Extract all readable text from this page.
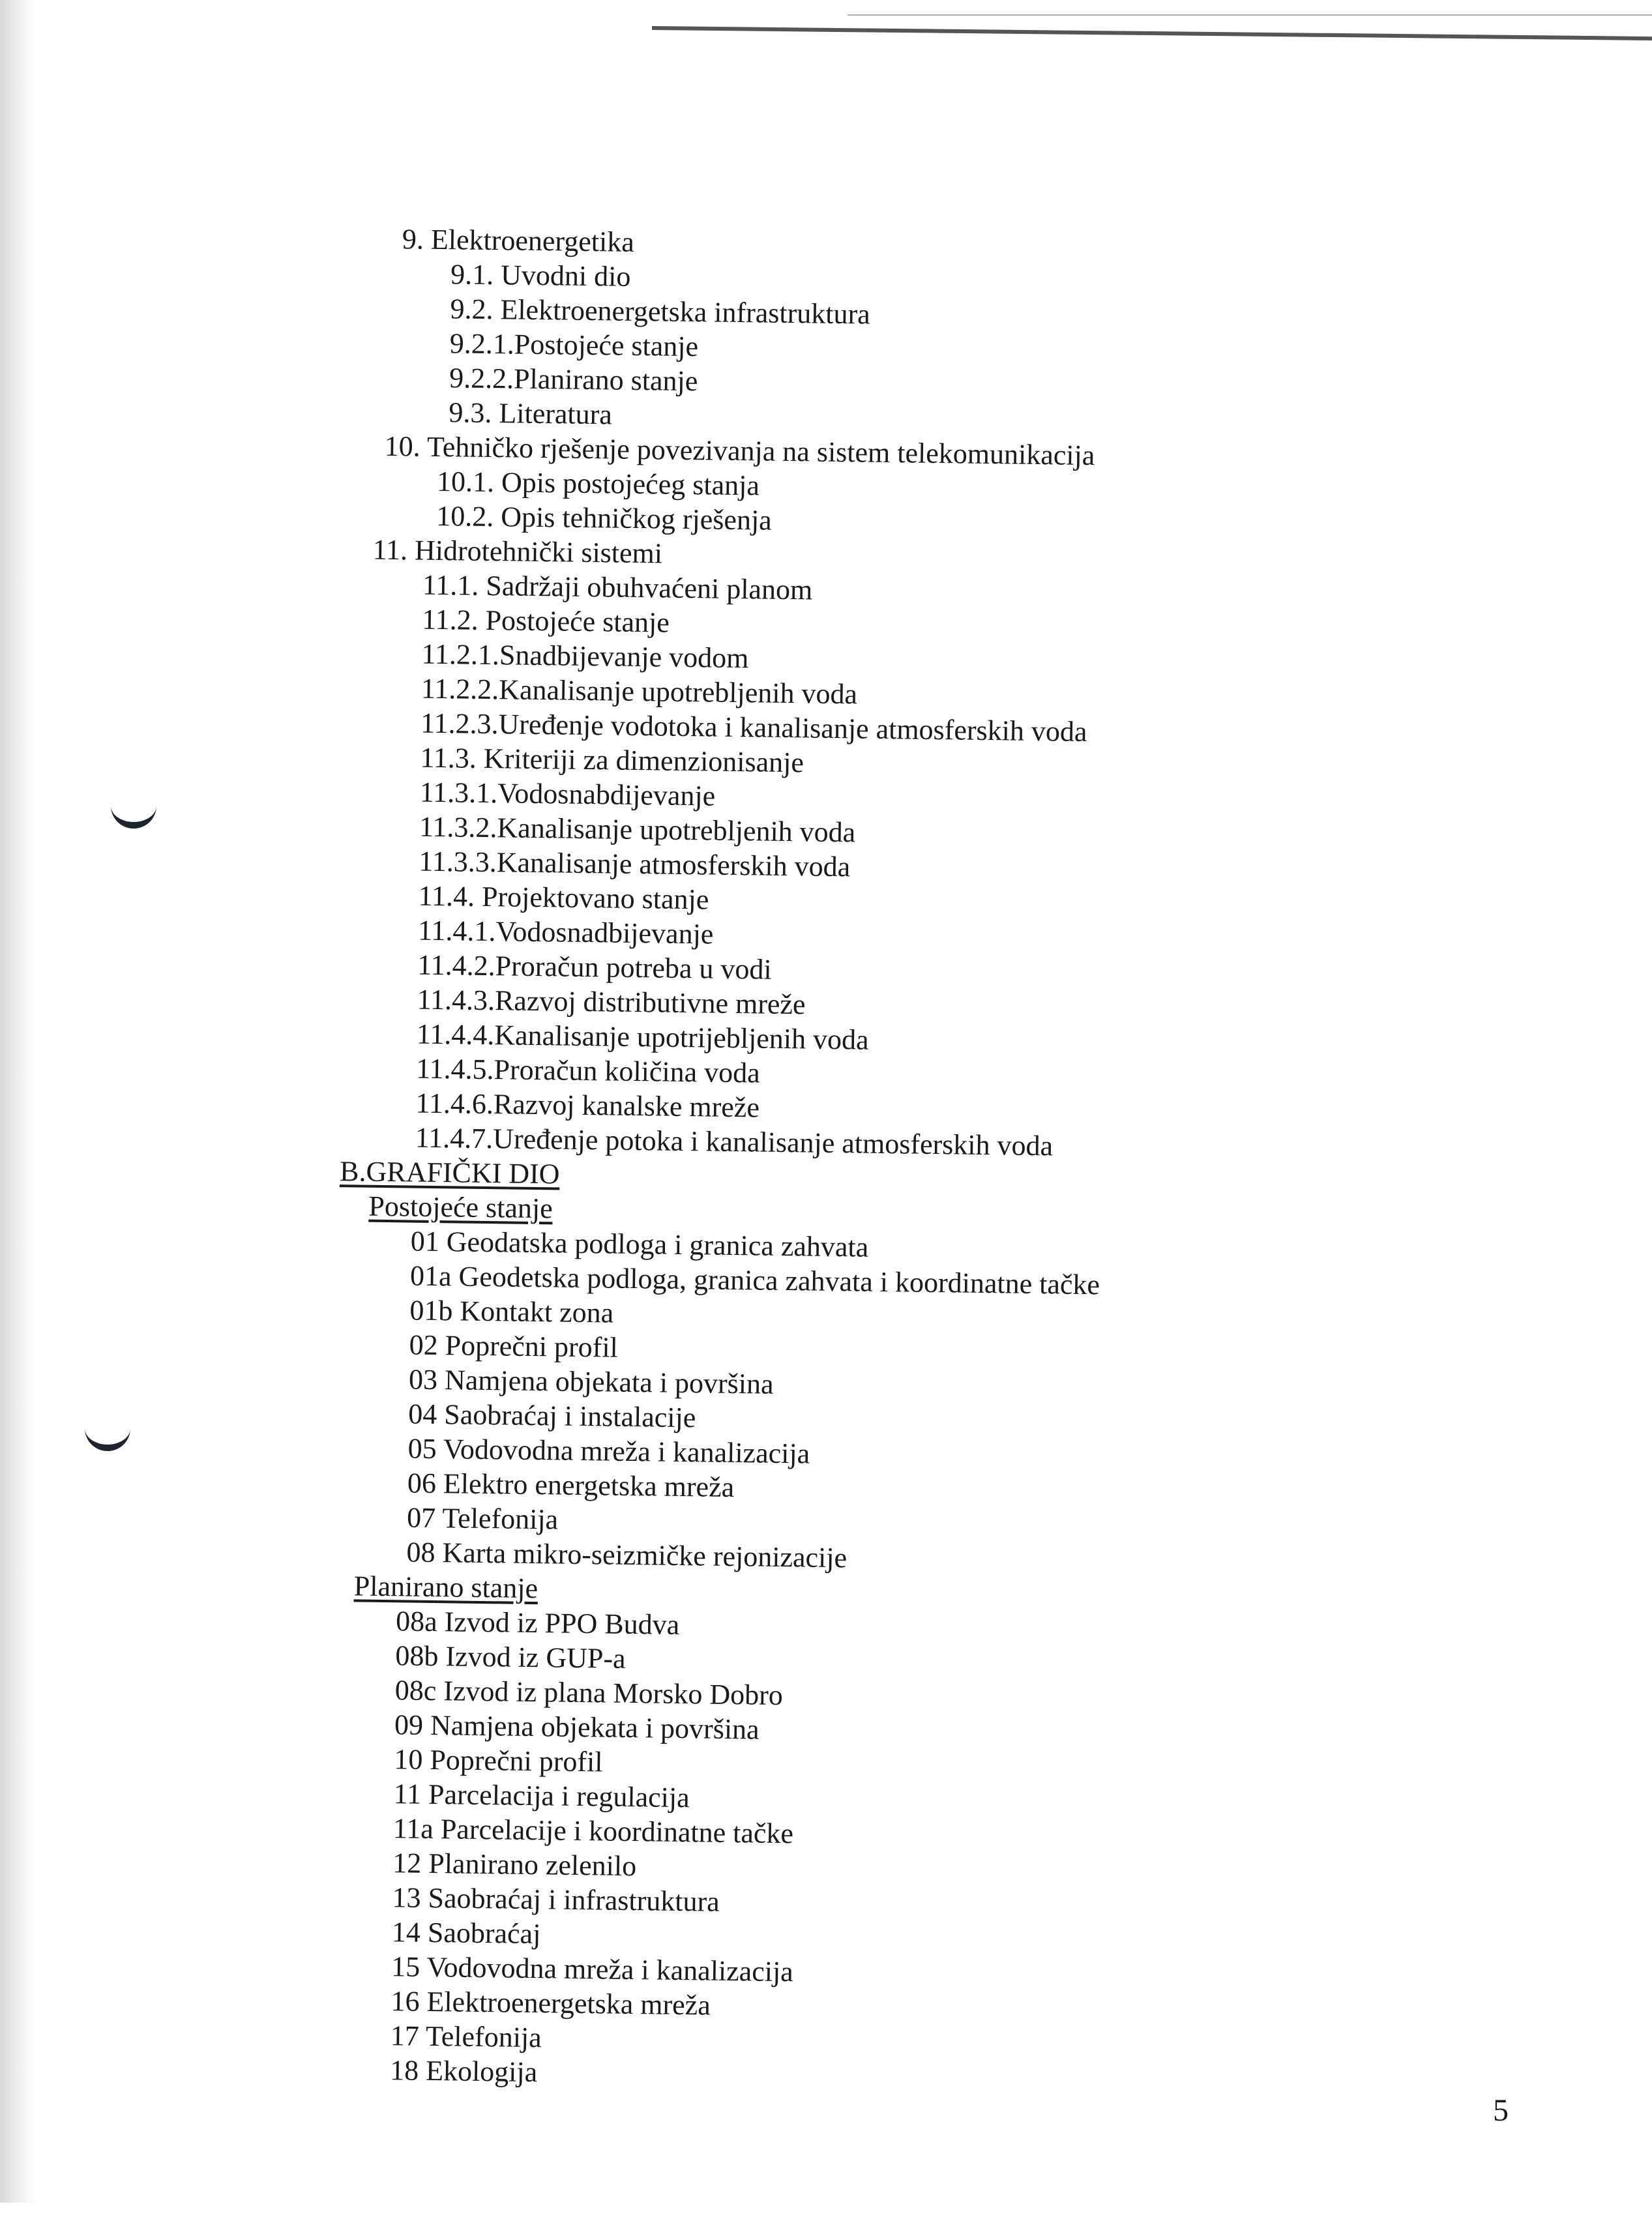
9. Elektroenergetika
9.1. Uvodni dio
9.2. Elektroenergetska infrastruktura
9.2.1.Postojeće stanje
9.2.2.Planirano stanje
9.3. Literatura
10. Tehničko rješenje povezivanja na sistem telekomunikacija
10.1. Opis postojećeg stanja
10.2. Opis tehničkog rješenja
11. Hidrotehnički sistemi
11.1. Sadržaji obuhvaćeni planom
11.2. Postojeće stanje
11.2.1.Snadbijevanje vodom
11.2.2.Kanalisanje upotrebljenih voda
11.2.3.Uređenje vodotoka i kanalisanje atmosferskih voda
11.3. Kriteriji za dimenzionisanje
11.3.1.Vodosnabdijevanje
11.3.2.Kanalisanje upotrebljenih voda
11.3.3.Kanalisanje atmosferskih voda
11.4. Projektovano stanje
11.4.1.Vodosnadbijevanje
11.4.2.Proračun potreba u vodi
11.4.3.Razvoj distributivne mreže
11.4.4.Kanalisanje upotrijebljenih voda
11.4.5.Proračun količina voda
11.4.6.Razvoj kanalske mreže
11.4.7.Uređenje potoka i kanalisanje atmosferskih voda
B.GRAFIČKI DIO
Postojeće stanje
01 Geodatska podloga i granica zahvata
01a Geodetska podloga, granica zahvata i koordinatne tačke
01b Kontakt zona
02 Poprečni profil
03 Namjena objekata i površina
04 Saobraćaj i instalacije
05 Vodovodna mreža i kanalizacija
06 Elektro energetska mreža
07 Telefonija
08 Karta mikro-seizmičke rejonizacije
Planirano stanje
08a Izvod iz PPO Budva
08b Izvod iz GUP-a
08c Izvod iz plana Morsko Dobro
09 Namjena objekata i površina
10 Poprečni profil
11 Parcelacija i regulacija
11a Parcelacije i koordinatne tačke
12 Planirano zelenilo
13 Saobraćaj i infrastruktura
14 Saobraćaj
15 Vodovodna mreža i kanalizacija
16 Elektroenergetska mreža
17 Telefonija
18 Ekologija
5
